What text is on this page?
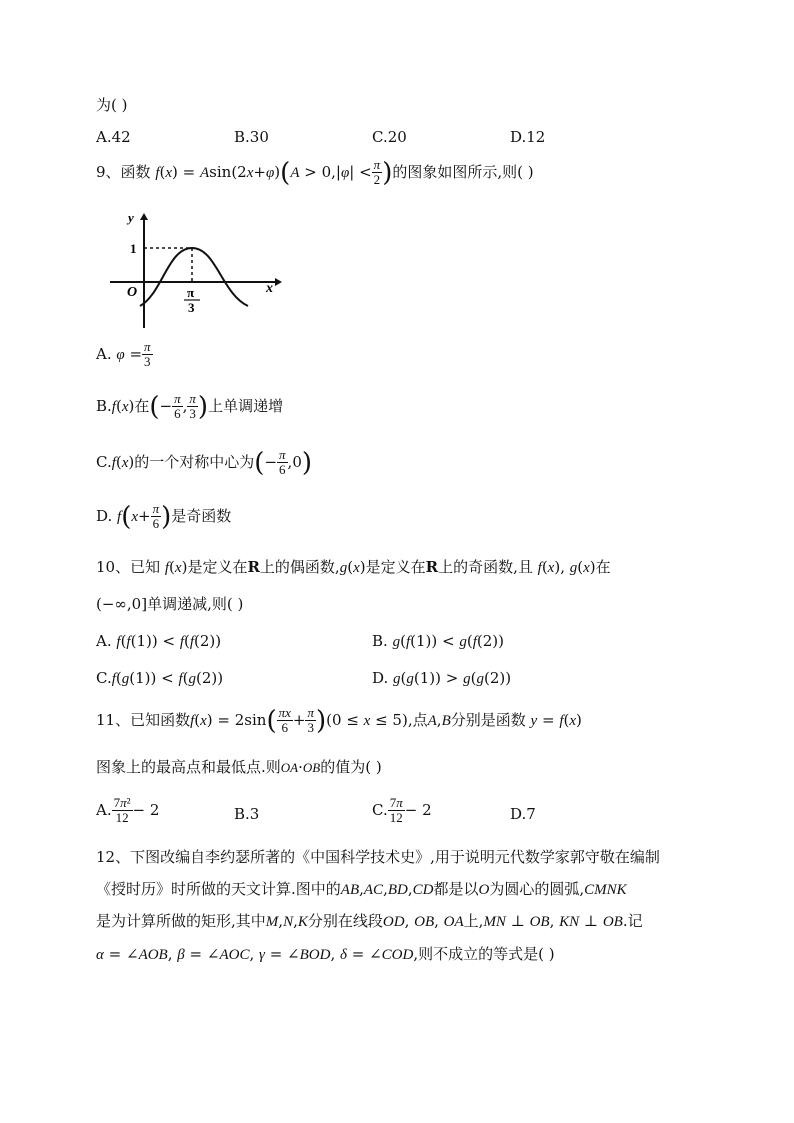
为( )
A.42	B.30	C.20	D.12
9、函数 $f(x) = Asin(2x+\varphi)(A > 0,|\varphi| < \frac{\pi}{2}$ )的图象如图所示,则( )
y
1
O	x
π
3
A. $\varphi = \frac{\pi}{3}$
B.f(x)在(− $\frac{\pi}{6}$ , $\frac{\pi}{3}$ )上单调递增
C.f(x)的一个对称中心为(− $\frac{\pi}{6} ,0$)
D. $f(x+ \frac{\pi}{6}$ )是奇函数
10、已知 f(x)是定义在R上的偶函数,g(x)是定义在R上的奇函数,且 f(x), g(x)在
(−∞,0]单调递减,则( )
A. f(f(1)) < f(f(2))	B. g(f(1)) < g(f(2))
C.f(g(1)) < f(g(2))	D. g(g(1)) > g(g(2))
11、已知函数$f(x) = 2\sin( \frac{\pi x}{6} + \frac{\pi}{3} )(0 \le x \le 5)$,点A,B分别是函数 y = f(x)
图象上的最高点和最低点.则OA·OB的值为( )
A. $\frac{\text{7π²}}{12} - 2$	B.3	C. $\frac{7\pi}{12} - 2$	D.7
12、下图改编自李约瑟所著的《中国科学技术史》,用于说明元代数学家郭守敬在编制
《授时历》时所做的天文计算.图中的AB,AC,BD,CD都是以O为圆心的圆弧,CMNK
是为计算所做的矩形,其中M,N,K分别在线段OD, OB, OA上,MN ⊥ OB, KN ⊥ OB.记
α = ∠AOB, β = ∠AOC, γ = ∠BOD, δ = ∠COD,则不成立的等式是( )
